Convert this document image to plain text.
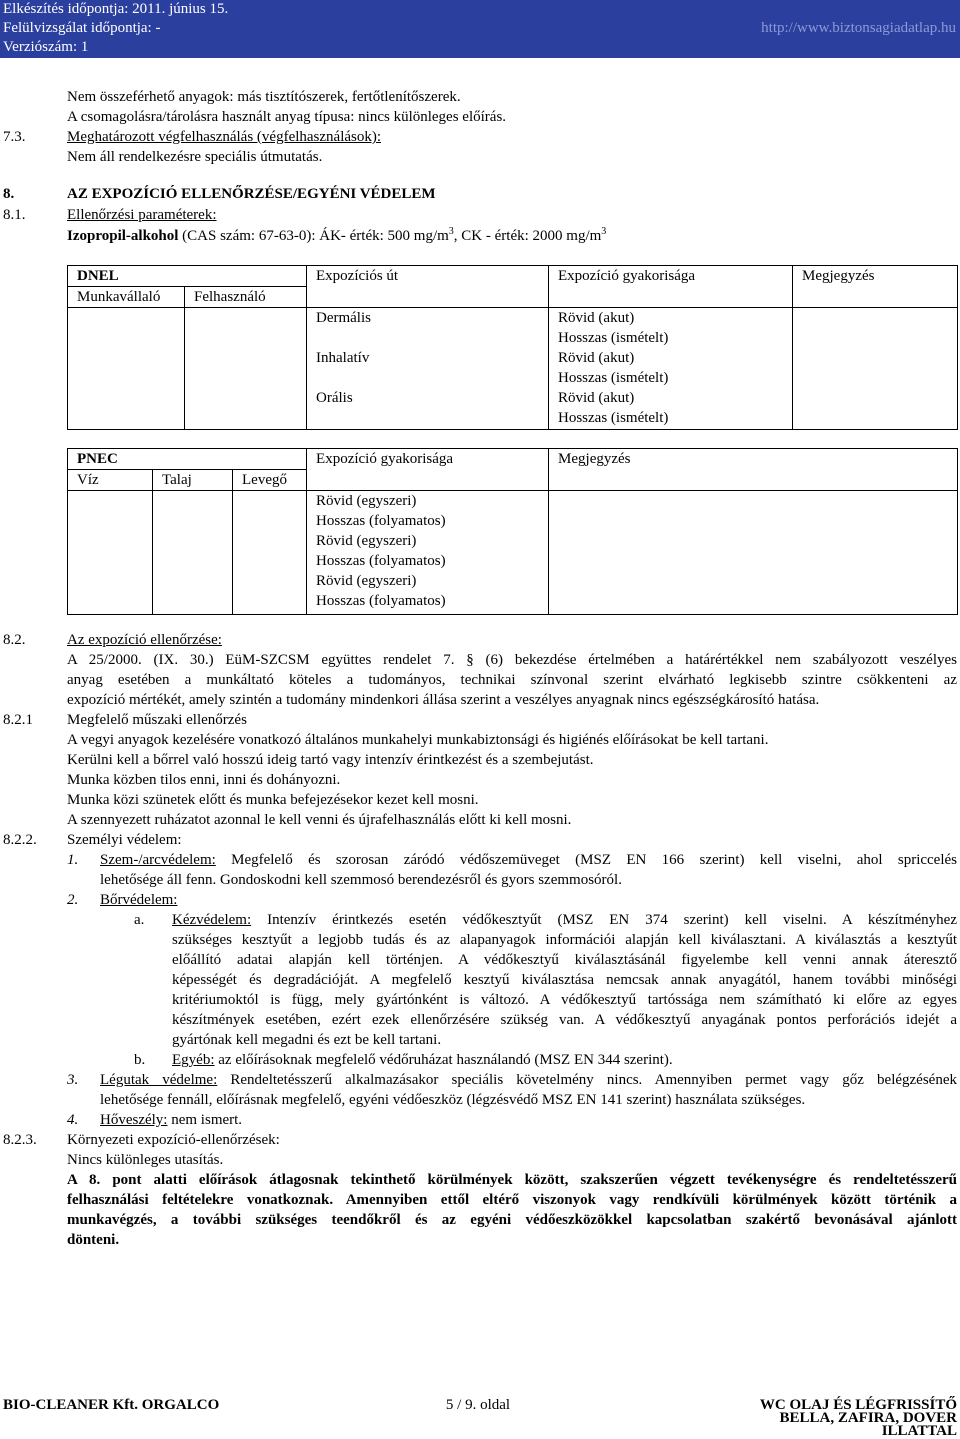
Elkészítés időpontja: 2011. június 15.
Felülvizsgálat időpontja: -
Verziószám: 1
http://www.biztonsagiadatlap.hu
Nem összeférhető anyagok: más tisztítószerek, fertőtlenítőszerek.
A csomagolásra/tárolásra használt anyag típusa: nincs különleges előírás.
7.3.	Meghatározott végfelhasználás (végfelhasználások):
Nem áll rendelkezésre speciális útmutatás.
8.	AZ EXPOZÍCIÓ ELLENŐRZÉSE/EGYÉNI VÉDELEM
8.1.	Ellenőrzési paraméterek:
Izopropil-alkohol (CAS szám: 67-63-0): ÁK- érték: 500 $mg/m^3$, CK - érték: 2000 $mg/m^3$
DNEL		Expozíciós út	Expozíció gyakorisága	Megjegyzés
Munkavállaló	Felhasználó			
		Dermális	Rövid (akut)
Hosszas (ismételt)	

		Inhalatív	Rövid (akut)
Hosszas (ismételt)	

		Orális	Rövid (akut)
Hosszas (ismételt)	

PNEC			Expozíció gyakorisága	Megjegyzés
Víz	Talaj	Levegő		

			Rövid (egyszeri)
Hosszas (folyamatos)	

			Rövid (egyszeri)
Hosszas (folyamatos)	

			Rövid (egyszeri)
Hosszas (folyamatos)	

8.2.	Az expozíció ellenőrzése:
A 25/2000. (IX. 30.) EüM-SZCSM együttes rendelet 7. § (6) bekezdése értelmében a határértékkel nem szabályozott veszélyes
anyag esetében a munkáltató köteles a tudományos, technikai színvonal szerint elvárható legkisebb szintre csökkenteni az
expozíció mértékét, amely szintén a tudomány mindenkori állása szerint a veszélyes anyagnak nincs egészségkárosító hatása.
8.2.1 Megfelelő műszaki ellenőrzés
A vegyi anyagok kezelésére vonatkozó általános munkahelyi munkabiztonsági és higiénés előírásokat be kell tartani.
Kerülni kell a bőrrel való hosszú ideig tartó vagy intenzív érintkezést és a szembejutást.
Munka közben tilos enni, inni és dohányozni.
Munka közi szünetek előtt és munka befejezésekor kezet kell mosni.
A szennyezett ruházatot azonnal le kell venni és újrafelhasználás előtt ki kell mosni.
8.2.2. Személyi védelem:
1. Szem-/arcvédelem: Megfelelő és szorosan záródó védőszemüveget (MSZ EN 166 szerint) kell viselni, ahol spriccelés
lehetősége áll fenn. Gondoskodni kell szemmosó berendezésről és gyors szemmosóról.
2. Bőrvédelem:
a. Kézvédelem: Intenzív érintkezés esetén védőkesztyűt (MSZ EN 374 szerint) kell viselni. A készítményhez
szükséges kesztyűt a legjobb tudás és az alapanyagok információi alapján kell kiválasztani. A kiválasztás a kesztyűt
előállító adatai alapján kell történjen. A védőkesztyű kiválasztásánál figyelembe kell venni annak áteresztő
képességét és degradációját. A megfelelő kesztyű kiválasztása nemcsak annak anyagától, hanem további minőségi
kritériumoktól is függ, mely gyártónként is változó. A védőkesztyű tartóssága nem számítható ki előre az egyes
készítmények esetében, ezért ezek ellenőrzésére szükség van. A védőkesztyű anyagának pontos perforációs idejét a
gyártónak kell megadni és ezt be kell tartani.
b. Egyéb: az előírásoknak megfelelő védőruházat használandó (MSZ EN 344 szerint).
3. Légutak védelme: Rendeltetésszerű alkalmazásakor speciális követelmény nincs. Amennyiben permet vagy gőz belégzésének
lehetősége fennáll, előírásnak megfelelő, egyéni védőeszköz (légzésvédő MSZ EN 141 szerint) használata szükséges.
4. Hőveszély: nem ismert.
8.2.3. Környezeti expozíció-ellenőrzések:
Nincs különleges utasítás.
A 8. pont alatti előírások átlagosnak tekinthető körülmények között, szakszerűen végzett tevékenységre és rendeltetésszerű
felhasználási feltételekre vonatkoznak. Amennyiben ettől eltérő viszonyok vagy rendkívüli körülmények között történik a
munkavégzés, a további szükséges teendőkről és az egyéni védőeszközökkel kapcsolatban szakértő bevonásával ajánlott
dönteni.
BIO-CLEANER Kft. ORGALCO	5 / 9. oldal	WC OLAJ ÉS LÉGFRISSÍTŐ
BELLA, ZAFIRA, DOVER
ILLATTAL
